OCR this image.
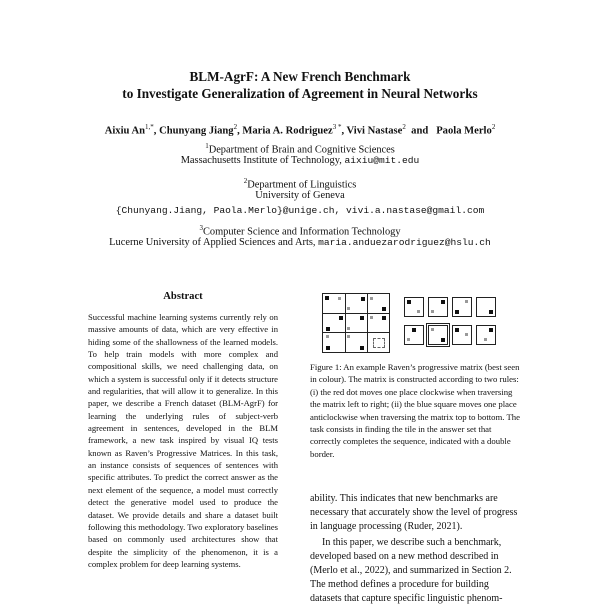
BLM-AgrF: A New French Benchmark
to Investigate Generalization of Agreement in Neural Networks
Aixiu $An^{1,*}$, Chunyang Jiang$^2$, Maria A. Rodriguez$^{3 *}$, Vivi Nastase$^2$  and   Paola Merlo$^2$
$^1$Department of Brain and Cognitive Sciences
Massachusetts Institute of Technology, aixiu@mit.edu
$^2$Department of Linguistics
University of Geneva
{Chunyang.Jiang, Paola.Merlo}@unige.ch, vivi.a.nastase@gmail.com
$^3$Computer Science and Information Technology
Lucerne University of Applied Sciences and Arts, maria.anduezarodriguez@hslu.ch
Abstract
Successful machine learning systems currently rely on massive amounts of data, which are very effective in hiding some of the shallowness of the learned models. To help train models with more complex and compositional skills, we need challenging data, on which a system is successful only if it detects structure and regularities, that will allow it to generalize. In this paper, we describe a French dataset (BLM-AgrF) for learning the underlying rules of subject-verb agreement in sentences, developed in the BLM framework, a new task inspired by visual IQ tests known as Raven’s Progressive Matrices. In this task, an instance consists of sequences of sentences with specific attributes. To predict the correct answer as the next element of the sequence, a model must correctly detect the generative model used to produce the dataset. We provide details and share a dataset built following this methodology. Two exploratory baselines based on commonly used architectures show that despite the simplicity of the phenomenon, it is a complex problem for deep learning systems.
Figure 1: An example Raven’s progressive matrix (best seen in colour). The matrix is constructed according to two rules: (i) the red dot moves one place clockwise when traversing the matrix left to right; (ii) the blue square moves one place anticlockwise when traversing the matrix top to bottom. The task consists in finding the tile in the answer set that correctly completes the sequence, indicated with a double border.
ability. This indicates that new benchmarks are necessary that accurately show the level of progress in language processing (Ruder, 2021).
In this paper, we describe such a benchmark, developed based on a new method described in (Merlo et al., 2022), and summarized in Section 2. The method defines a procedure for building datasets that capture specific linguistic phenom-
